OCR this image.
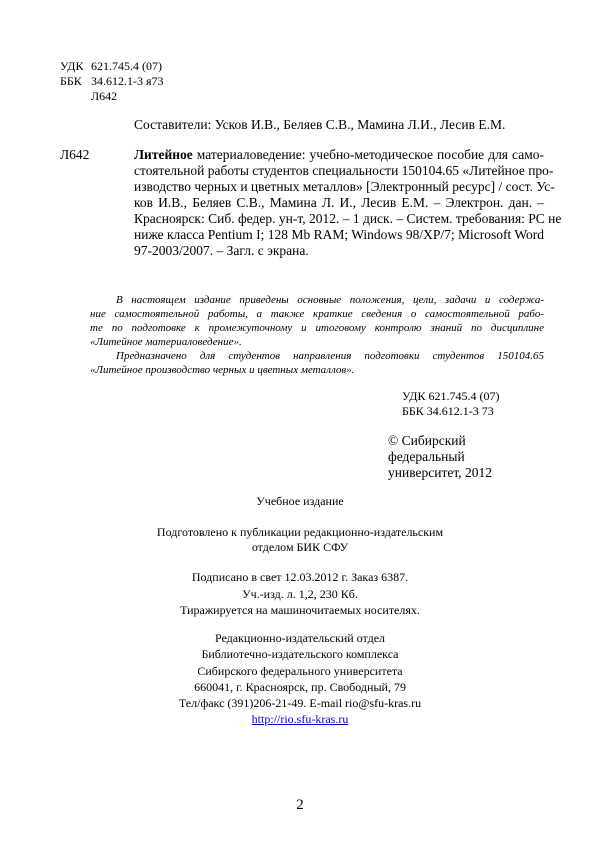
УДК	621.745.4 (07)
ББК	34.612.1-3 я73
	Л642
Составители: Усков И.В., Беляев С.В., Мамина Л.И., Лесив Е.М.
Л642	Литейное материаловедение: учебно-методическое пособие для само-
стоятельной работы студентов специальности 150104.65 «Литейное про-
изводство черных и цветных металлов» [Электронный ресурс] / сост. Ус-
ков И.В., Беляев С.В., Мамина Л. И., Лесив Е.М. – Электрон. дан. –
Красноярск: Сиб. федер. ун-т, 2012. – 1 диск. – Систем. требования: PC не
ниже класса Pentium I; 128 Mb RAM; Windows 98/XP/7; Microsoft Word
97-2003/2007. – Загл. с экрана.

В настоящем издание приведены основные положения, цели, задачи и содержа-
ние самостоятельной работы, а также краткие сведения о самостоятельной рабо-
те по подготовке к промежуточному и итоговому контролю знаний по дисциплине
«Литейное материаловедение».

Предназначено для студентов направления подготовки студентов 150104.65
«Литейное производство черных и цветных металлов».

УДК 621.745.4 (07)
ББК 34.612.1-3 73
© Сибирский
федеральный
университет, 2012
Учебное издание
Подготовлено к публикации редакционно-издательским
отделом БИК СФУ
Подписано в свет 12.03.2012 г. Заказ 6387.
Уч.-изд. л. 1,2, 230 Кб.
Тиражируется на машиночитаемых носителях.
Редакционно-издательский отдел
Библиотечно-издательского комплекса
Сибирского федерального университета
660041, г. Красноярск, пр. Свободный, 79
Тел/факс (391)206-21-49. E-mail rio@sfu-kras.ru
http://rio.sfu-kras.ru
2
